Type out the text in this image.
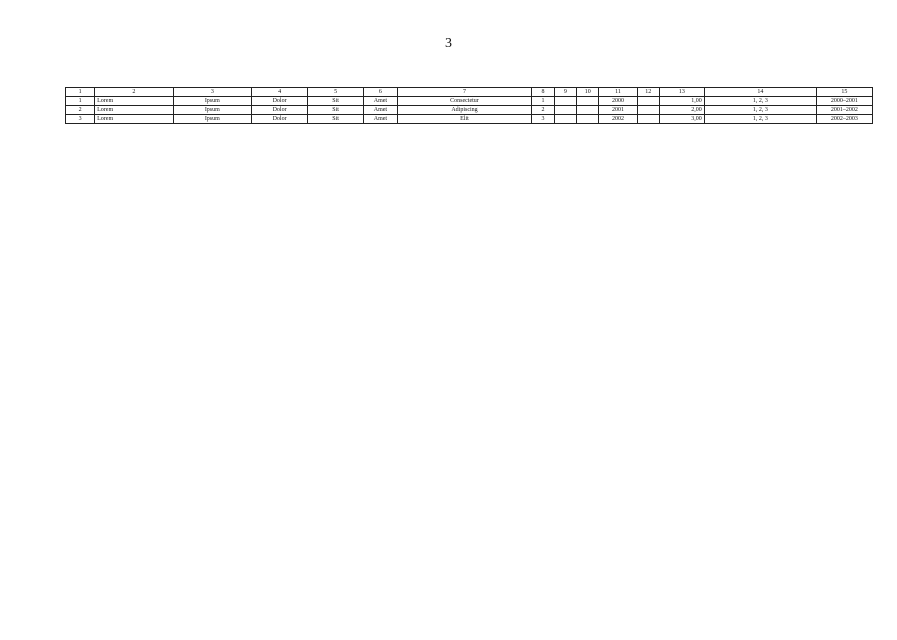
3
1	2	3	4	5	6	7	8	9	10	11	12	13	14	15
1	Lorem	Ipsum	Dolor	Sit	Amet	Consectetur	1			2000		1,00	1, 2, 3	2000–2001
2	Lorem	Ipsum	Dolor	Sit	Amet	Adipiscing	2			2001		2,00	1, 2, 3	2001–2002
3	Lorem	Ipsum	Dolor	Sit	Amet	Elit	3			2002		3,00	1, 2, 3	2002–2003
